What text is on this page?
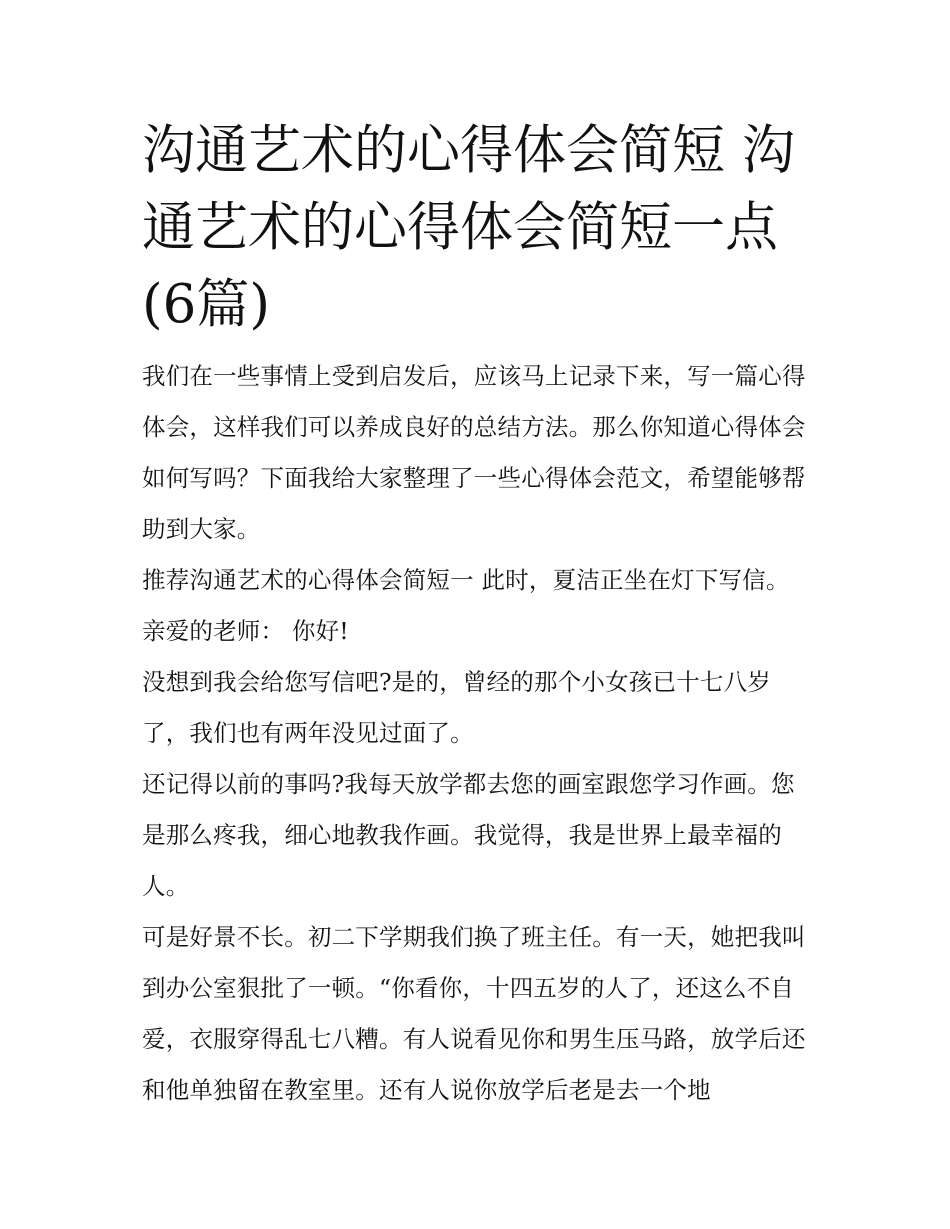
沟通艺术的心得体会简短 沟通艺术的心得体会简短一点(6篇)

我们在一些事情上受到启发后，应该马上记录下来，写一篇心得体会，这样我们可以养成良好的总结方法。那么你知道心得体会如何写吗？下面我给大家整理了一些心得体会范文，希望能够帮助到大家。

推荐沟通艺术的心得体会简短一 此时，夏洁正坐在灯下写信。 亲爱的老师： 你好!

没想到我会给您写信吧?是的，曾经的那个小女孩已十七八岁了，我们也有两年没见过面了。

还记得以前的事吗?我每天放学都去您的画室跟您学习作画。您是那么疼我，细心地教我作画。我觉得，我是世界上最幸福的人。

可是好景不长。初二下学期我们换了班主任。有一天，她把我叫到办公室狠批了一顿。“你看你，十四五岁的人了，还这么不自爱，衣服穿得乱七八糟。有人说看见你和男生压马路，放学后还和他单独留在教室里。还有人说你放学后老是去一个地
